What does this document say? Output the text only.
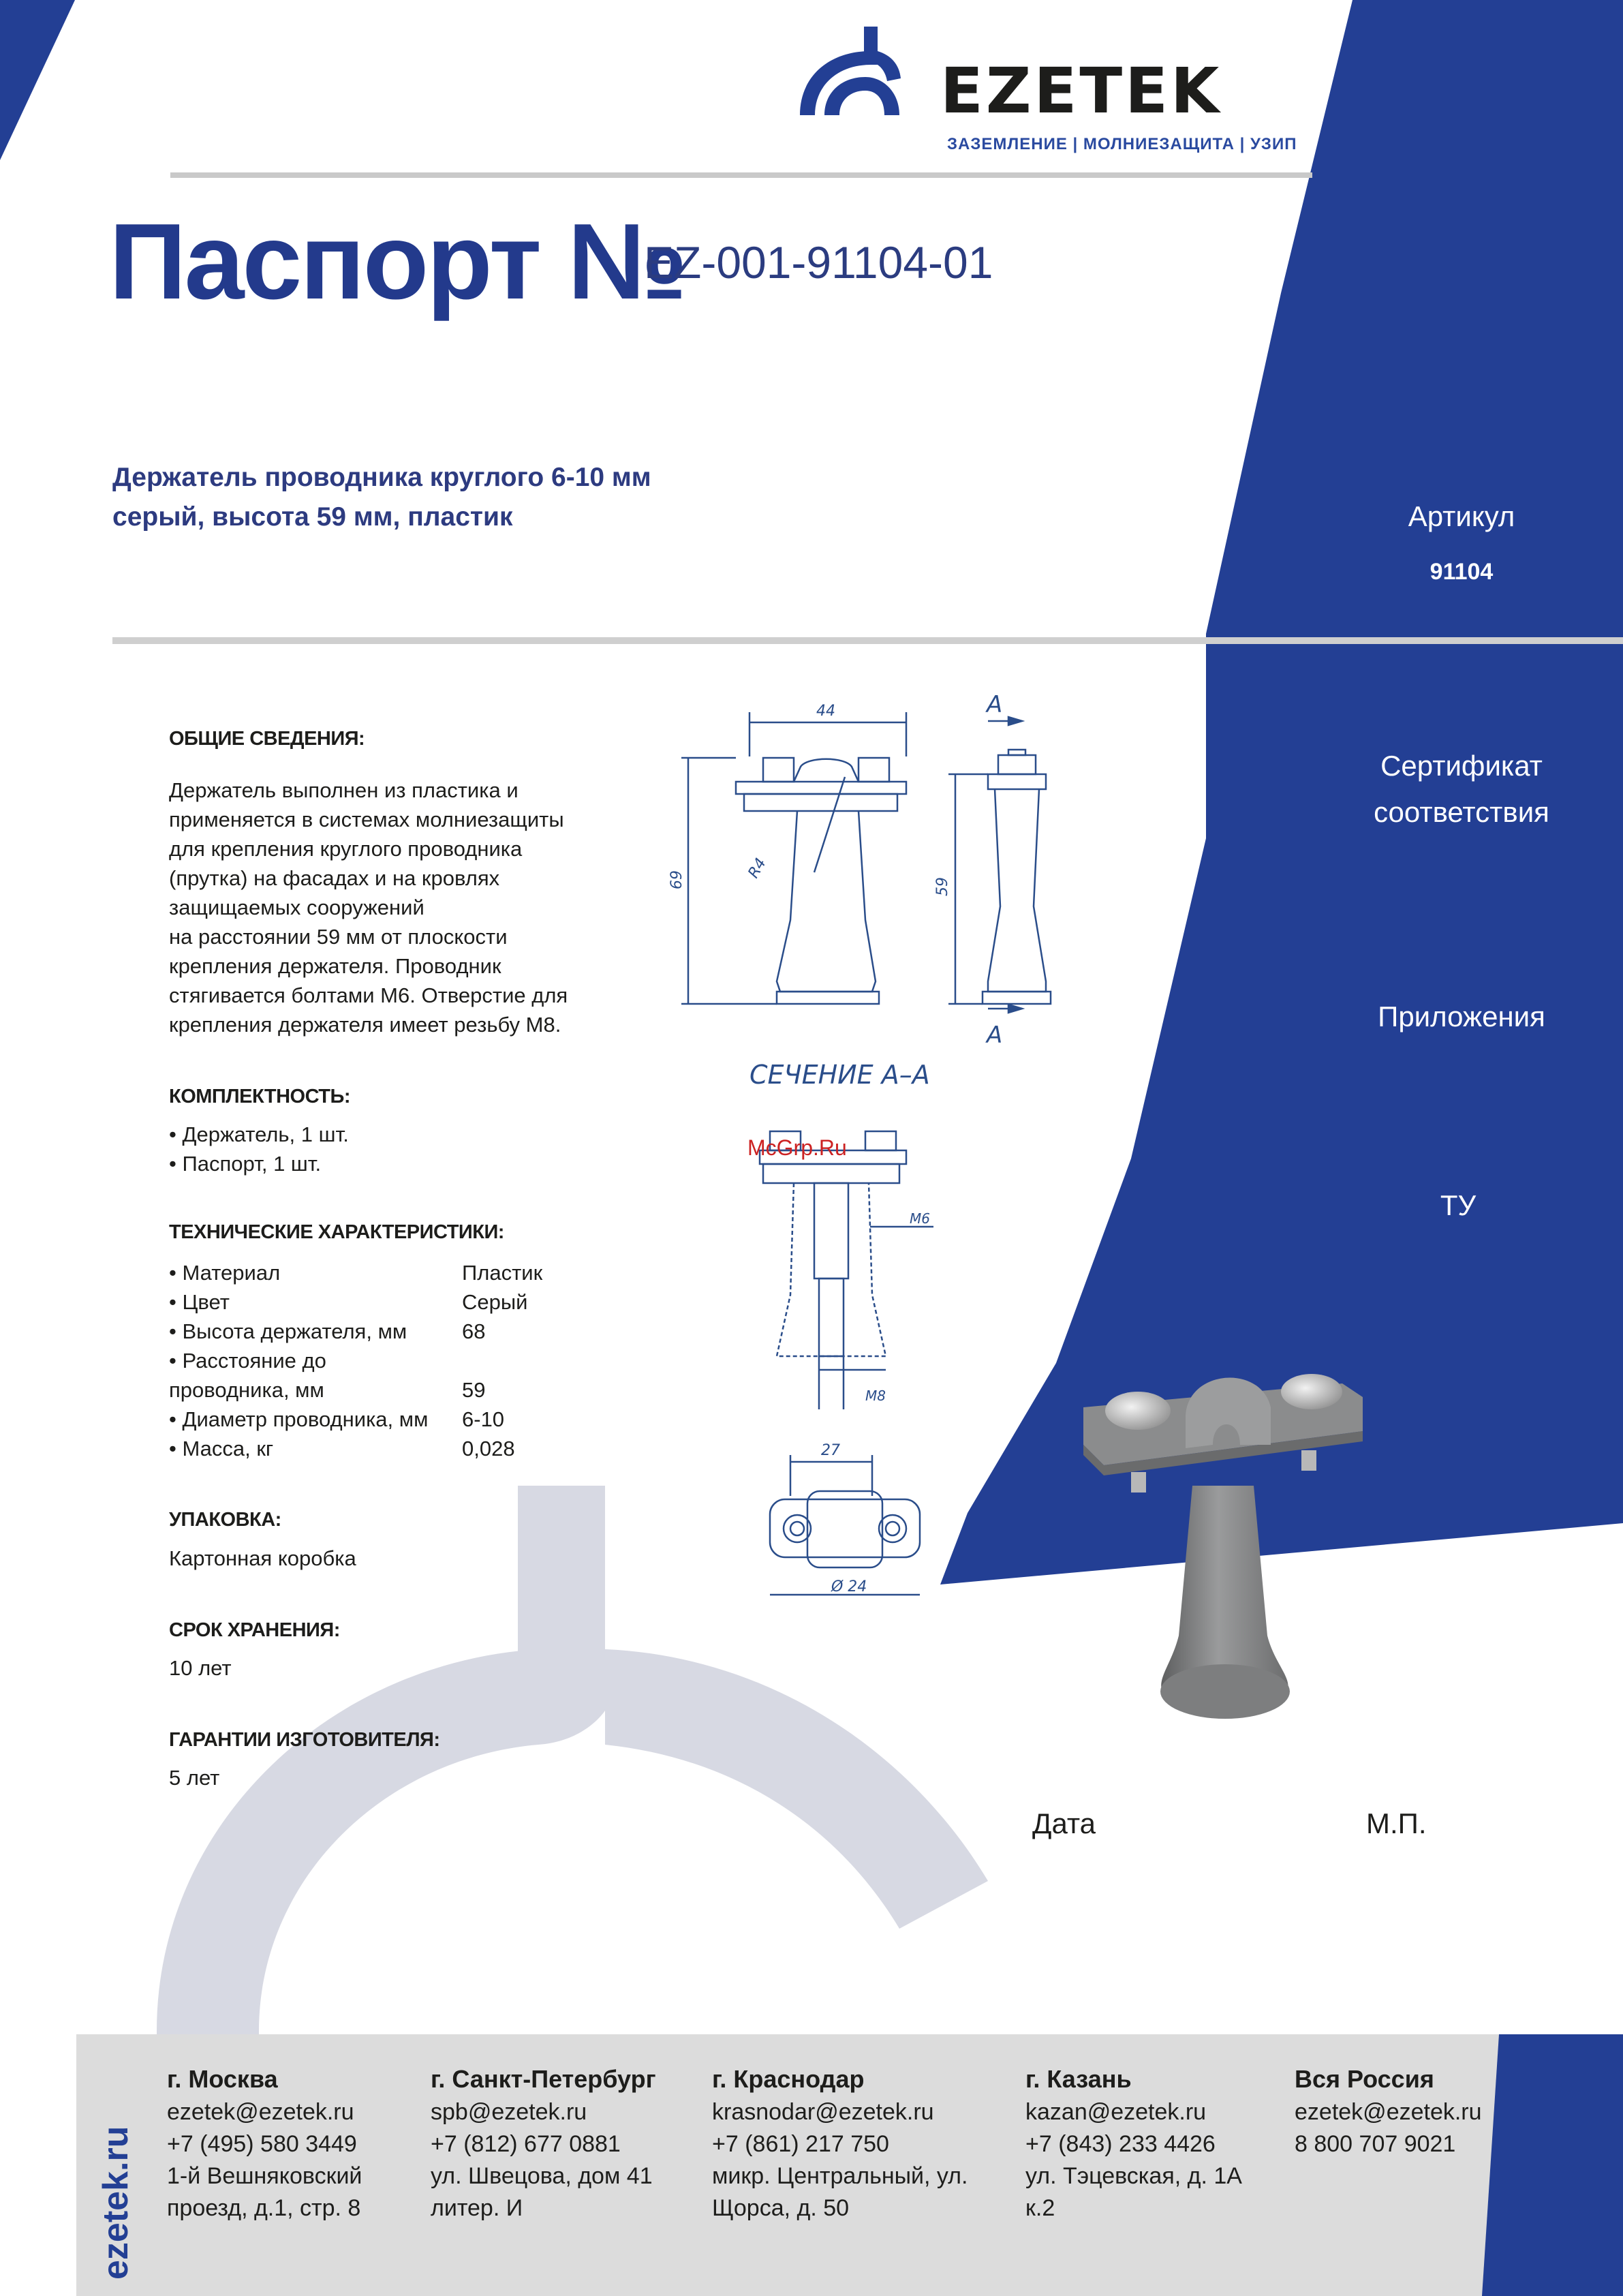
EZETEK
ЗАЗЕМЛЕНИЕ | МОЛНИЕЗАЩИТА | УЗИП
Паспорт №
EZ-001-91104-01
Держатель проводника круглого 6-10 мм
серый, высота 59 мм, пластик	Артикул
91104
Сертификат
соответствия
Приложения
ТУ
ОБЩИЕ СВЕДЕНИЯ:
Держатель выполнен из пластика и
применяется в системах молниезащиты
для крепления круглого проводника
(прутка) на фасадах и на кровлях
защищаемых сооружений
на расстоянии 59 мм от плоскости
крепления держателя. Проводник
стягивается болтами М6. Отверстие для
крепления держателя имеет резьбу М8.
КОМПЛЕКТНОСТЬ:
• Держатель, 1 шт.
• Паспорт, 1 шт.
ТЕХНИЧЕСКИЕ ХАРАКТЕРИСТИКИ:
• Материал	Пластик
• Цвет	Серый
• Высота держателя, мм	68
• Расстояние до
проводника, мм	59
• Диаметр проводника, мм 6-10
• Масса, кг	0,028
УПАКОВКА:
Картонная коробка
СРОК ХРАНЕНИЯ:
10 лет
ГАРАНТИИ ИЗГОТОВИТЕЛЯ:
5 лет
44
69	R4
A
59
A
СЕЧЕНИЕ А–А
М6
М8
27
Ø 24
McGrp.Ru
Дата	М.П.
ezetek.ru
г. Москва
ezetek@ezetek.ru
+7 (495) 580 3449
1-й Вешняковский
проезд, д.1, стр. 8
г. Санкт-Петербург
spb@ezetek.ru
+7 (812) 677 0881
ул. Швецова, дом 41
литер. И
г. Краснодар
krasnodar@ezetek.ru
+7 (861) 217 750
микр. Центральный, ул.
Щорса, д. 50
г. Казань
kazan@ezetek.ru
+7 (843) 233 4426
ул. Тэцевская, д. 1А
к.2
Вся Россия
ezetek@ezetek.ru
8 800 707 9021
